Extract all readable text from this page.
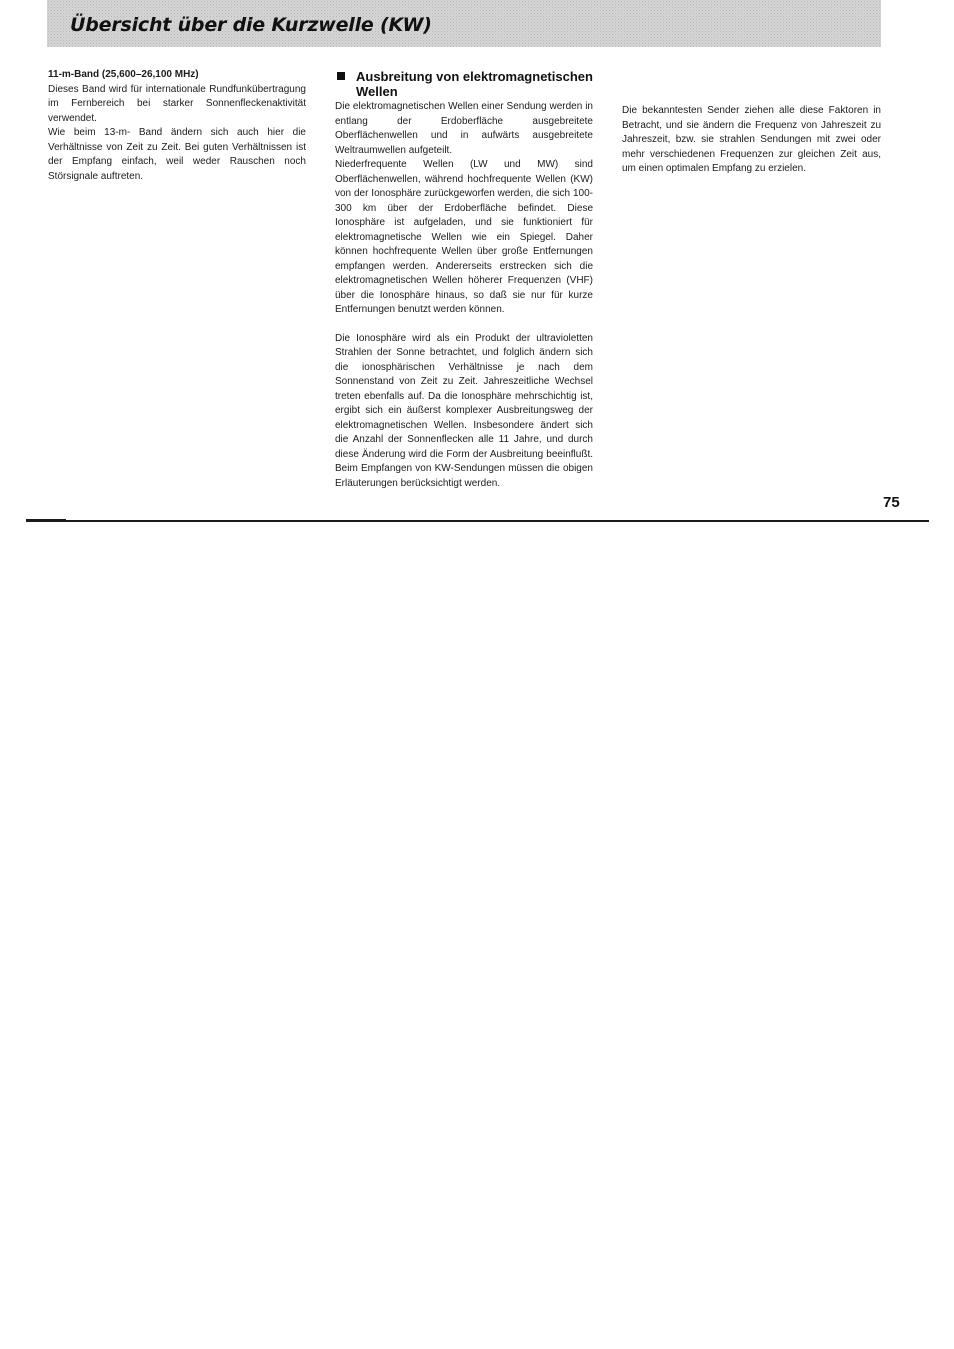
Übersicht über die Kurzwelle (KW)
11-m-Band (25,600–26,100 MHz)

Dieses Band wird für internationale Rundfunkübertragung im Fernbereich bei starker Sonnenfleckenaktivität verwendet.

Wie beim 13-m- Band ändern sich auch hier die Verhältnisse von Zeit zu Zeit. Bei guten Verhältnissen ist der Empfang einfach, weil weder Rauschen noch Störsignale auftreten.

Ausbreitung von elektromagnetischen Wellen

Die elektromagnetischen Wellen einer Sendung werden in entlang der Erdoberfläche ausgebreitete Oberflächenwellen und in aufwärts ausgebreitete Weltraumwellen aufgeteilt.

Niederfrequente Wellen (LW und MW) sind Oberflächenwellen, während hochfrequente Wellen (KW) von der Ionosphäre zurückgeworfen werden, die sich 100-300 km über der Erdoberfläche befindet. Diese Ionosphäre ist aufgeladen, und sie funktioniert für elektromagnetische Wellen wie ein Spiegel. Daher können hochfrequente Wellen über große Entfernungen empfangen werden. Andererseits erstrecken sich die elektromagnetischen Wellen höherer Frequenzen (VHF) über die Ionosphäre hinaus, so daß sie nur für kurze Entfernungen benutzt werden können.

Die Ionosphäre wird als ein Produkt der ultravioletten Strahlen der Sonne betrachtet, und folglich ändern sich die ionosphärischen Verhältnisse je nach dem Sonnenstand von Zeit zu Zeit. Jahreszeitliche Wechsel treten ebenfalls auf. Da die Ionosphäre mehrschichtig ist, ergibt sich ein äußerst komplexer Ausbreitungsweg der elektromagnetischen Wellen. Insbesondere ändert sich die Anzahl der Sonnenflecken alle 11 Jahre, und durch diese Änderung wird die Form der Ausbreitung beeinflußt. Beim Empfangen von KW-Sendungen müssen die obigen Erläuterungen berücksichtigt werden.

Die bekanntesten Sender ziehen alle diese Faktoren in Betracht, und sie ändern die Frequenz von Jahreszeit zu Jahreszeit, bzw. sie strahlen Sendungen mit zwei oder mehr verschiedenen Frequenzen zur gleichen Zeit aus, um einen optimalen Empfang zu erzielen.

75
